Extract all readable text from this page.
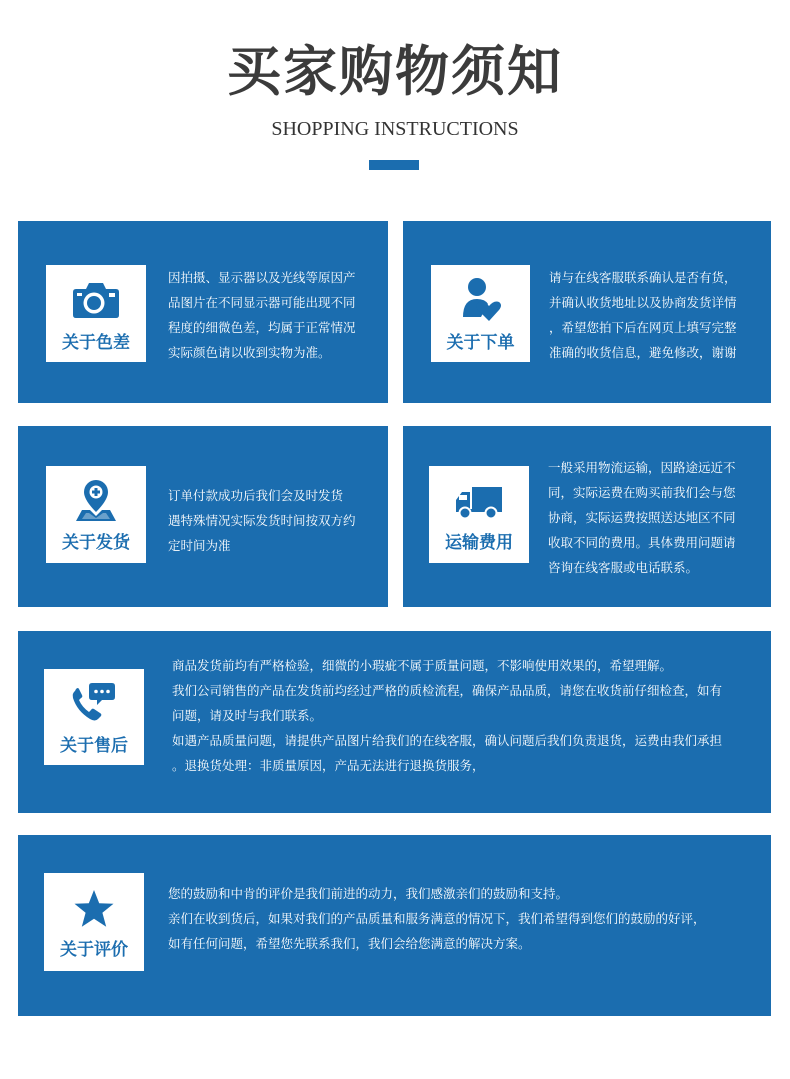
买家购物须知
SHOPPING INSTRUCTIONS
关于色差

因拍摄、显示器以及光线等原因产

品图片在不同显示器可能出现不同

程度的细微色差，均属于正常情况

实际颜色请以收到实物为准。	关于下单

请与在线客服联系确认是否有货，

并确认收货地址以及协商发货详情

，希望您拍下后在网页上填写完整

准确的收货信息，避免修改，谢谢

关于发货

订单付款成功后我们会及时发货

遇特殊情况实际发货时间按双方约

定时间为准	运输费用

一般采用物流运输，因路途远近不

同，实际运费在购买前我们会与您

协商，实际运费按照送达地区不同

收取不同的费用。具体费用问题请

咨询在线客服或电话联系。

关于售后

商品发货前均有严格检验，细微的小瑕疵不属于质量问题，不影响使用效果的，希望理解。

我们公司销售的产品在发货前均经过严格的质检流程，确保产品品质，请您在收货前仔细检查，如有

问题，请及时与我们联系。

如遇产品质量问题，请提供产品图片给我们的在线客服，确认问题后我们负责退货，运费由我们承担

。退换货处理：非质量原因，产品无法进行退换货服务，

关于评价

您的鼓励和中肯的评价是我们前进的动力，我们感激亲们的鼓励和支持。

亲们在收到货后，如果对我们的产品质量和服务满意的情况下，我们希望得到您们的鼓励的好评，

如有任何问题，希望您先联系我们，我们会给您满意的解决方案。
